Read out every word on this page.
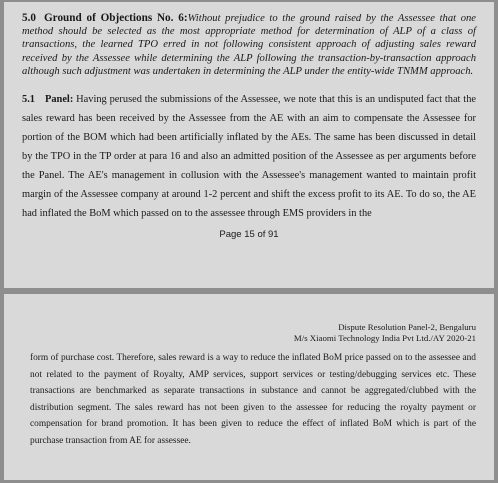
5.0 Ground of Objections No. 6:Without prejudice to the ground raised by the Assessee that one method should be selected as the most appropriate method for determination of ALP of a class of transactions, the learned TPO erred in not following consistent approach of adjusting sales reward received by the Assessee while determining the ALP following the transaction-by-transaction approach although such adjustment was undertaken in determining the ALP under the entity-wide TNMM approach.

5.1 Panel: Having perused the submissions of the Assessee, we note that this is an undisputed fact that the sales reward has been received by the Assessee from the AE with an aim to compensate the Assessee for portion of the BOM which had been artificially inflated by the AEs. The same has been discussed in detail by the TPO in the TP order at para 16 and also an admitted position of the Assessee as per arguments before the Panel. The AE's management in collusion with the Assessee's management wanted to maintain profit margin of the Assessee company at around 1-2 percent and shift the excess profit to its AE. To do so, the AE had inflated the BoM which passed on to the assessee through EMS providers in the

Page 15 of 91
Dispute Resolution Panel-2, Bengaluru
M/s Xiaomi Technology India Pvt Ltd./AY 2020-21

form of purchase cost. Therefore, sales reward is a way to reduce the inflated BoM price passed on to the assessee and not related to the payment of Royalty, AMP services, support services or testing/debugging services etc. These transactions are benchmarked as separate transactions in substance and cannot be aggregated/clubbed with the distribution segment. The sales reward has not been given to the assessee for reducing the royalty payment or compensation for brand promotion. It has been given to reduce the effect of inflated BoM which is part of the purchase transaction from AE for assessee.
